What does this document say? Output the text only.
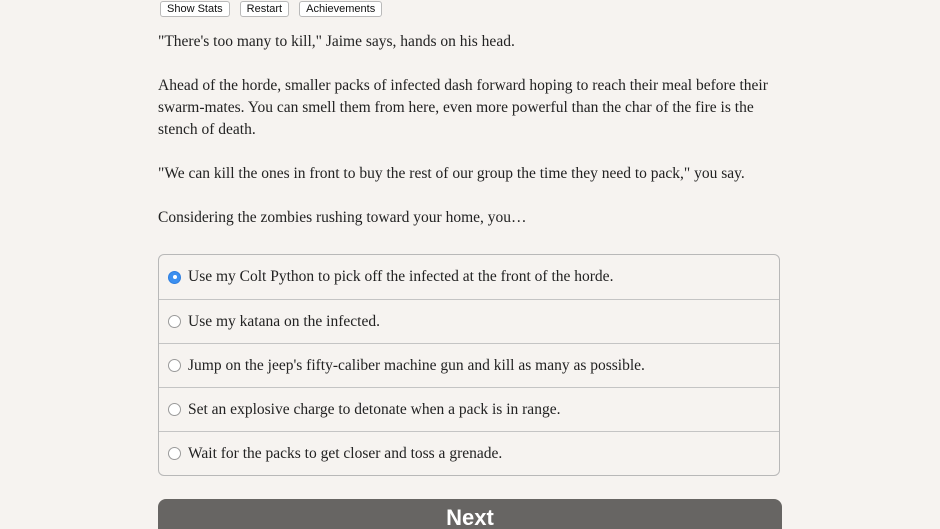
Show Stats	Restart	Achievements

"There's too many to kill," Jaime says, hands on his head.

Ahead of the horde, smaller packs of infected dash forward hoping to reach their meal before their swarm-mates. You can smell them from here, even more powerful than the char of the fire is the stench of death.

"We can kill the ones in front to buy the rest of our group the time they need to pack," you say.

Considering the zombies rushing toward your home, you…

Use my Colt Python to pick off the infected at the front of the horde.
Use my katana on the infected.
Jump on the jeep's fifty-caliber machine gun and kill as many as possible.
Set an explosive charge to detonate when a pack is in range.
Wait for the packs to get closer and toss a grenade.
Next
